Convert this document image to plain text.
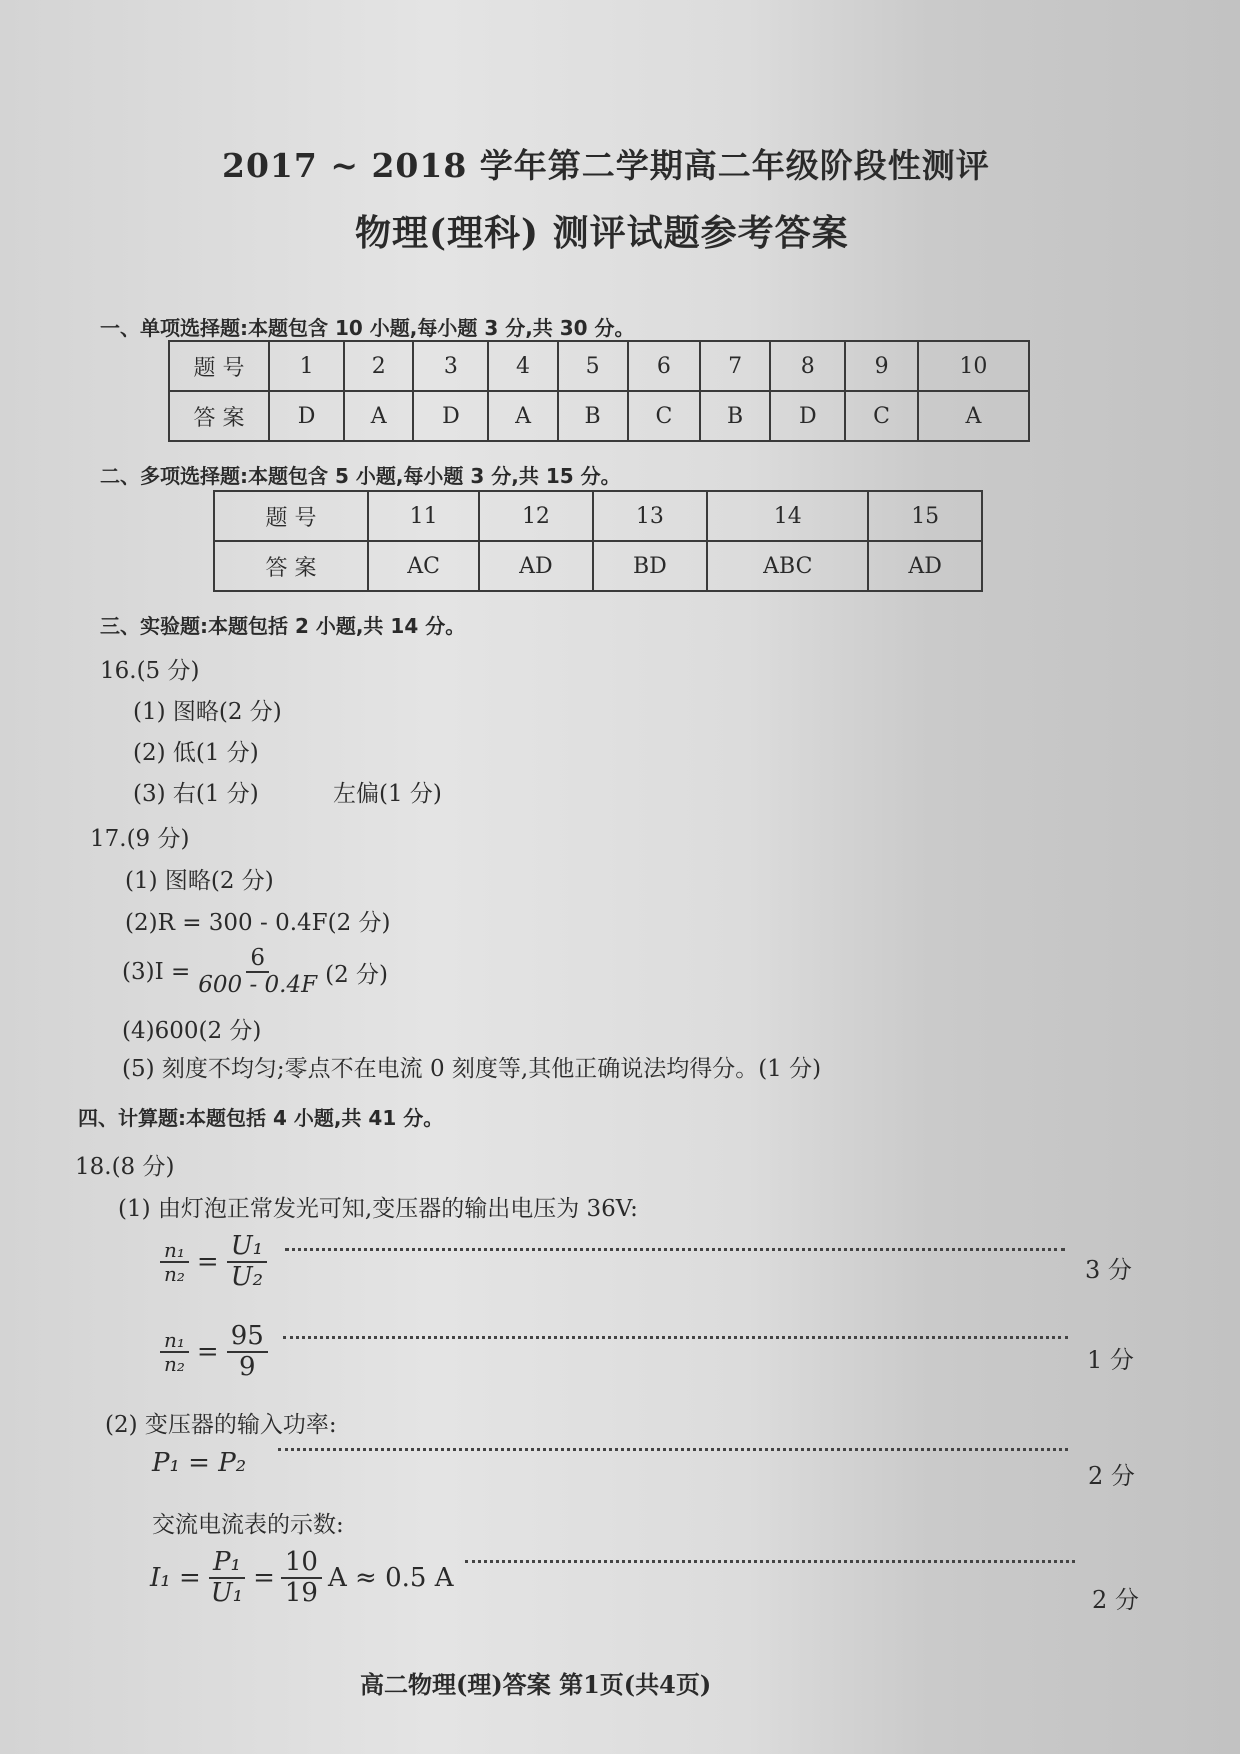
2017 ~ 2018 学年第二学期高二年级阶段性测评
物理(理科) 测评试题参考答案
一、单项选择题:本题包含 10 小题,每小题 3 分,共 30 分。
题 号	1	2	3	4	5	6	7	8	9	10
答 案	D	A	D	A	B	C	B	D	C	A
二、多项选择题:本题包含 5 小题,每小题 3 分,共 15 分。
题 号	11	12	13	14	15
答 案	AC	AD	BD	ABC	AD
三、实验题:本题包括 2 小题,共 14 分。
16.(5 分)
(1) 图略(2 分)
(2) 低(1 分)
(3) 右(1 分)	左偏(1 分)
17.(9 分)
(1) 图略(2 分)
(2)R = 300 - 0.4F(2 分)
$(3)I = \frac{6}{600 - 0.4F} (2$ 分)
(4)600(2 分)
(5) 刻度不均匀;零点不在电流 0 刻度等,其他正确说法均得分。(1 分)
四、计算题:本题包括 4 小题,共 41 分。
18.(8 分)
(1) 由灯泡正常发光可知,变压器的输出电压为 36V:
$\frac{\text{n₁}}{\text{n₂}} = \frac{\text{U₁}}{\text{U₂}}$	3 分
$\frac{\text{n₁}}{\text{n₂}} = \frac{95}{9}$	1 分
(2) 变压器的输入功率:
P₁ = P₂	2 分
交流电流表的示数:
$I_1 = \frac{\text{P₁}}{\text{U₁}} = \frac{10}{19}$ A ≈ 0.5 A
2 分
高二物理(理)答案 第1页(共4页)
